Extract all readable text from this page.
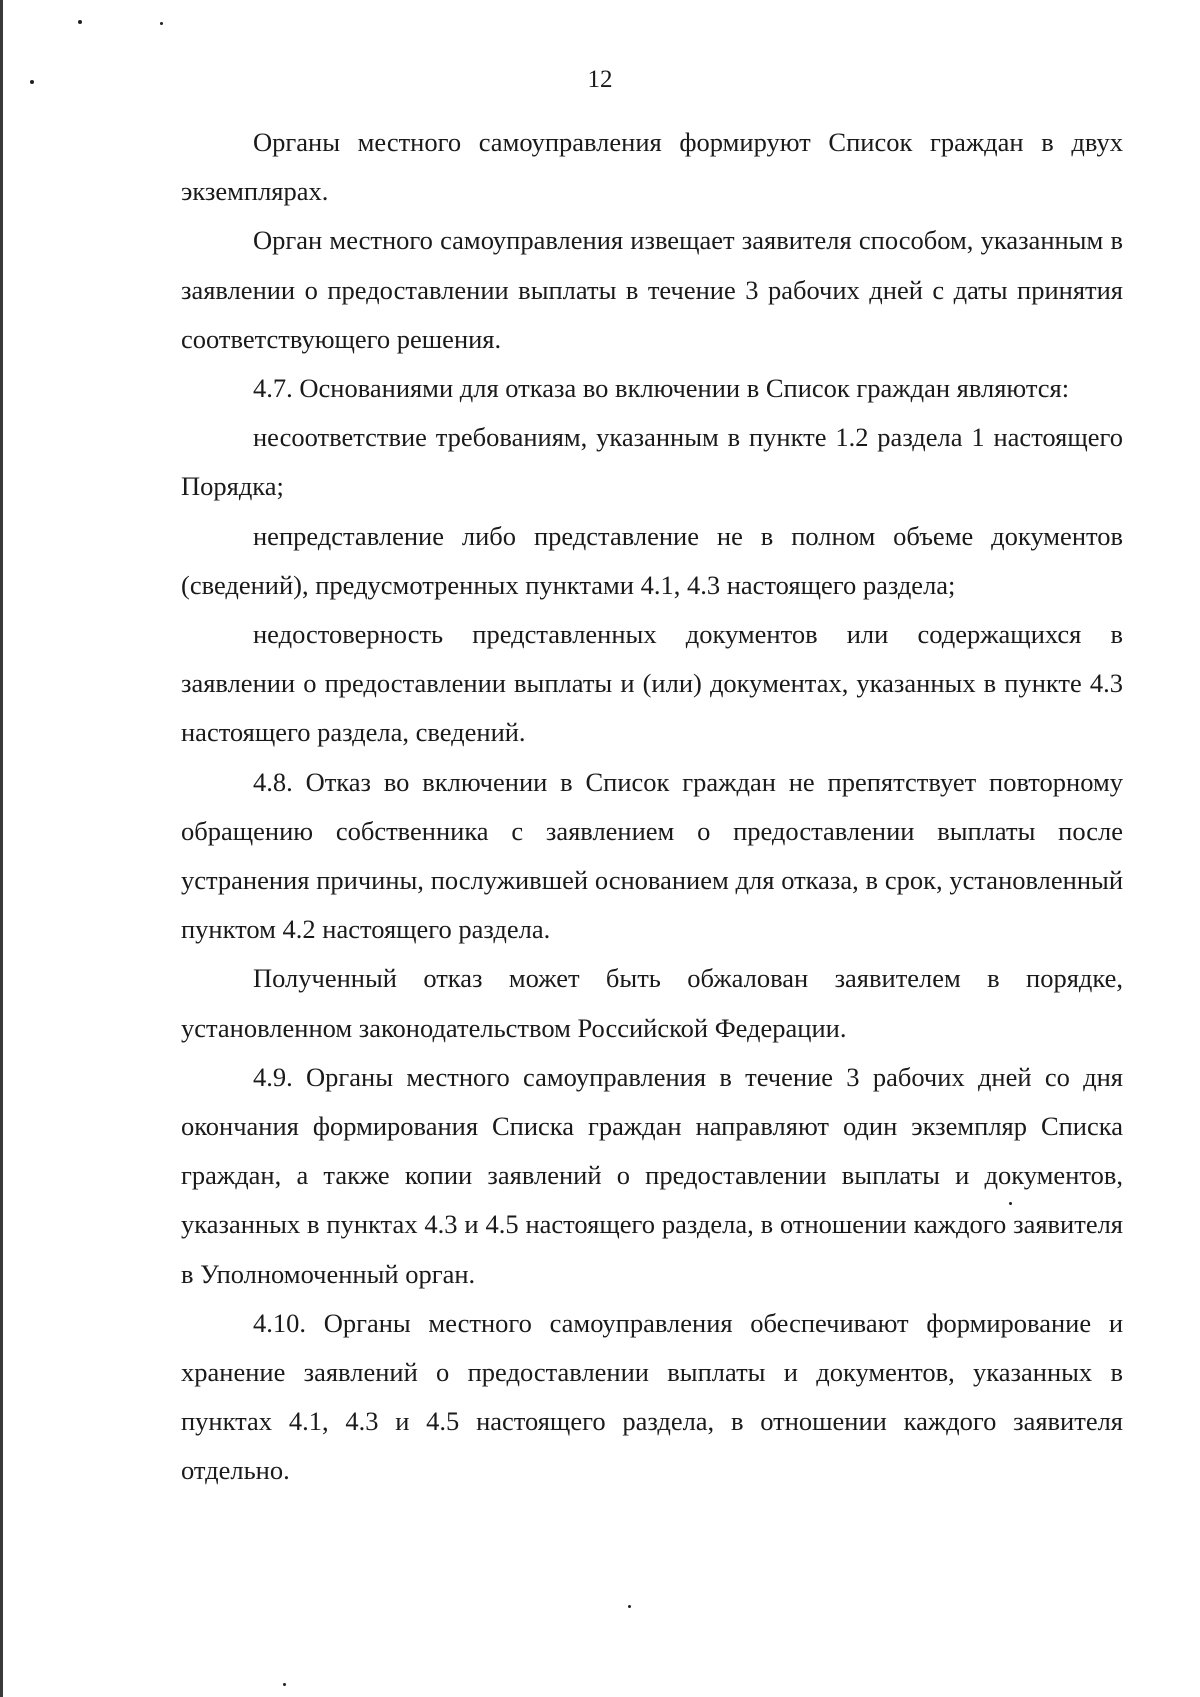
12

Органы местного самоуправления формируют Список граждан в двух экземплярах.

Орган местного самоуправления извещает заявителя способом, указанным в заявлении о предоставлении выплаты в течение 3 рабочих дней с даты принятия соответствующего решения.

4.7. Основаниями для отказа во включении в Список граждан являются:

несоответствие требованиям, указанным в пункте 1.2 раздела 1 настоящего Порядка;

непредставление либо представление не в полном объеме документов (сведений), предусмотренных пунктами 4.1, 4.3 настоящего раздела;

недостоверность представленных документов или содержащихся в заявлении о предоставлении выплаты и (или) документах, указанных в пункте 4.3 настоящего раздела, сведений.

4.8. Отказ во включении в Список граждан не препятствует повторному обращению собственника с заявлением о предоставлении выплаты после устранения причины, послужившей основанием для отказа, в срок, установленный пунктом 4.2 настоящего раздела.

Полученный отказ может быть обжалован заявителем в порядке, установленном законодательством Российской Федерации.

4.9. Органы местного самоуправления в течение 3 рабочих дней со дня окончания формирования Списка граждан направляют один экземпляр Списка граждан, а также копии заявлений о предоставлении выплаты и документов, указанных в пунктах 4.3 и 4.5 настоящего раздела, в отношении каждого заявителя в Уполномоченный орган.

4.10. Органы местного самоуправления обеспечивают формирование и хранение заявлений о предоставлении выплаты и документов, указанных в пунктах 4.1, 4.3 и 4.5 настоящего раздела, в отношении каждого заявителя отдельно.
